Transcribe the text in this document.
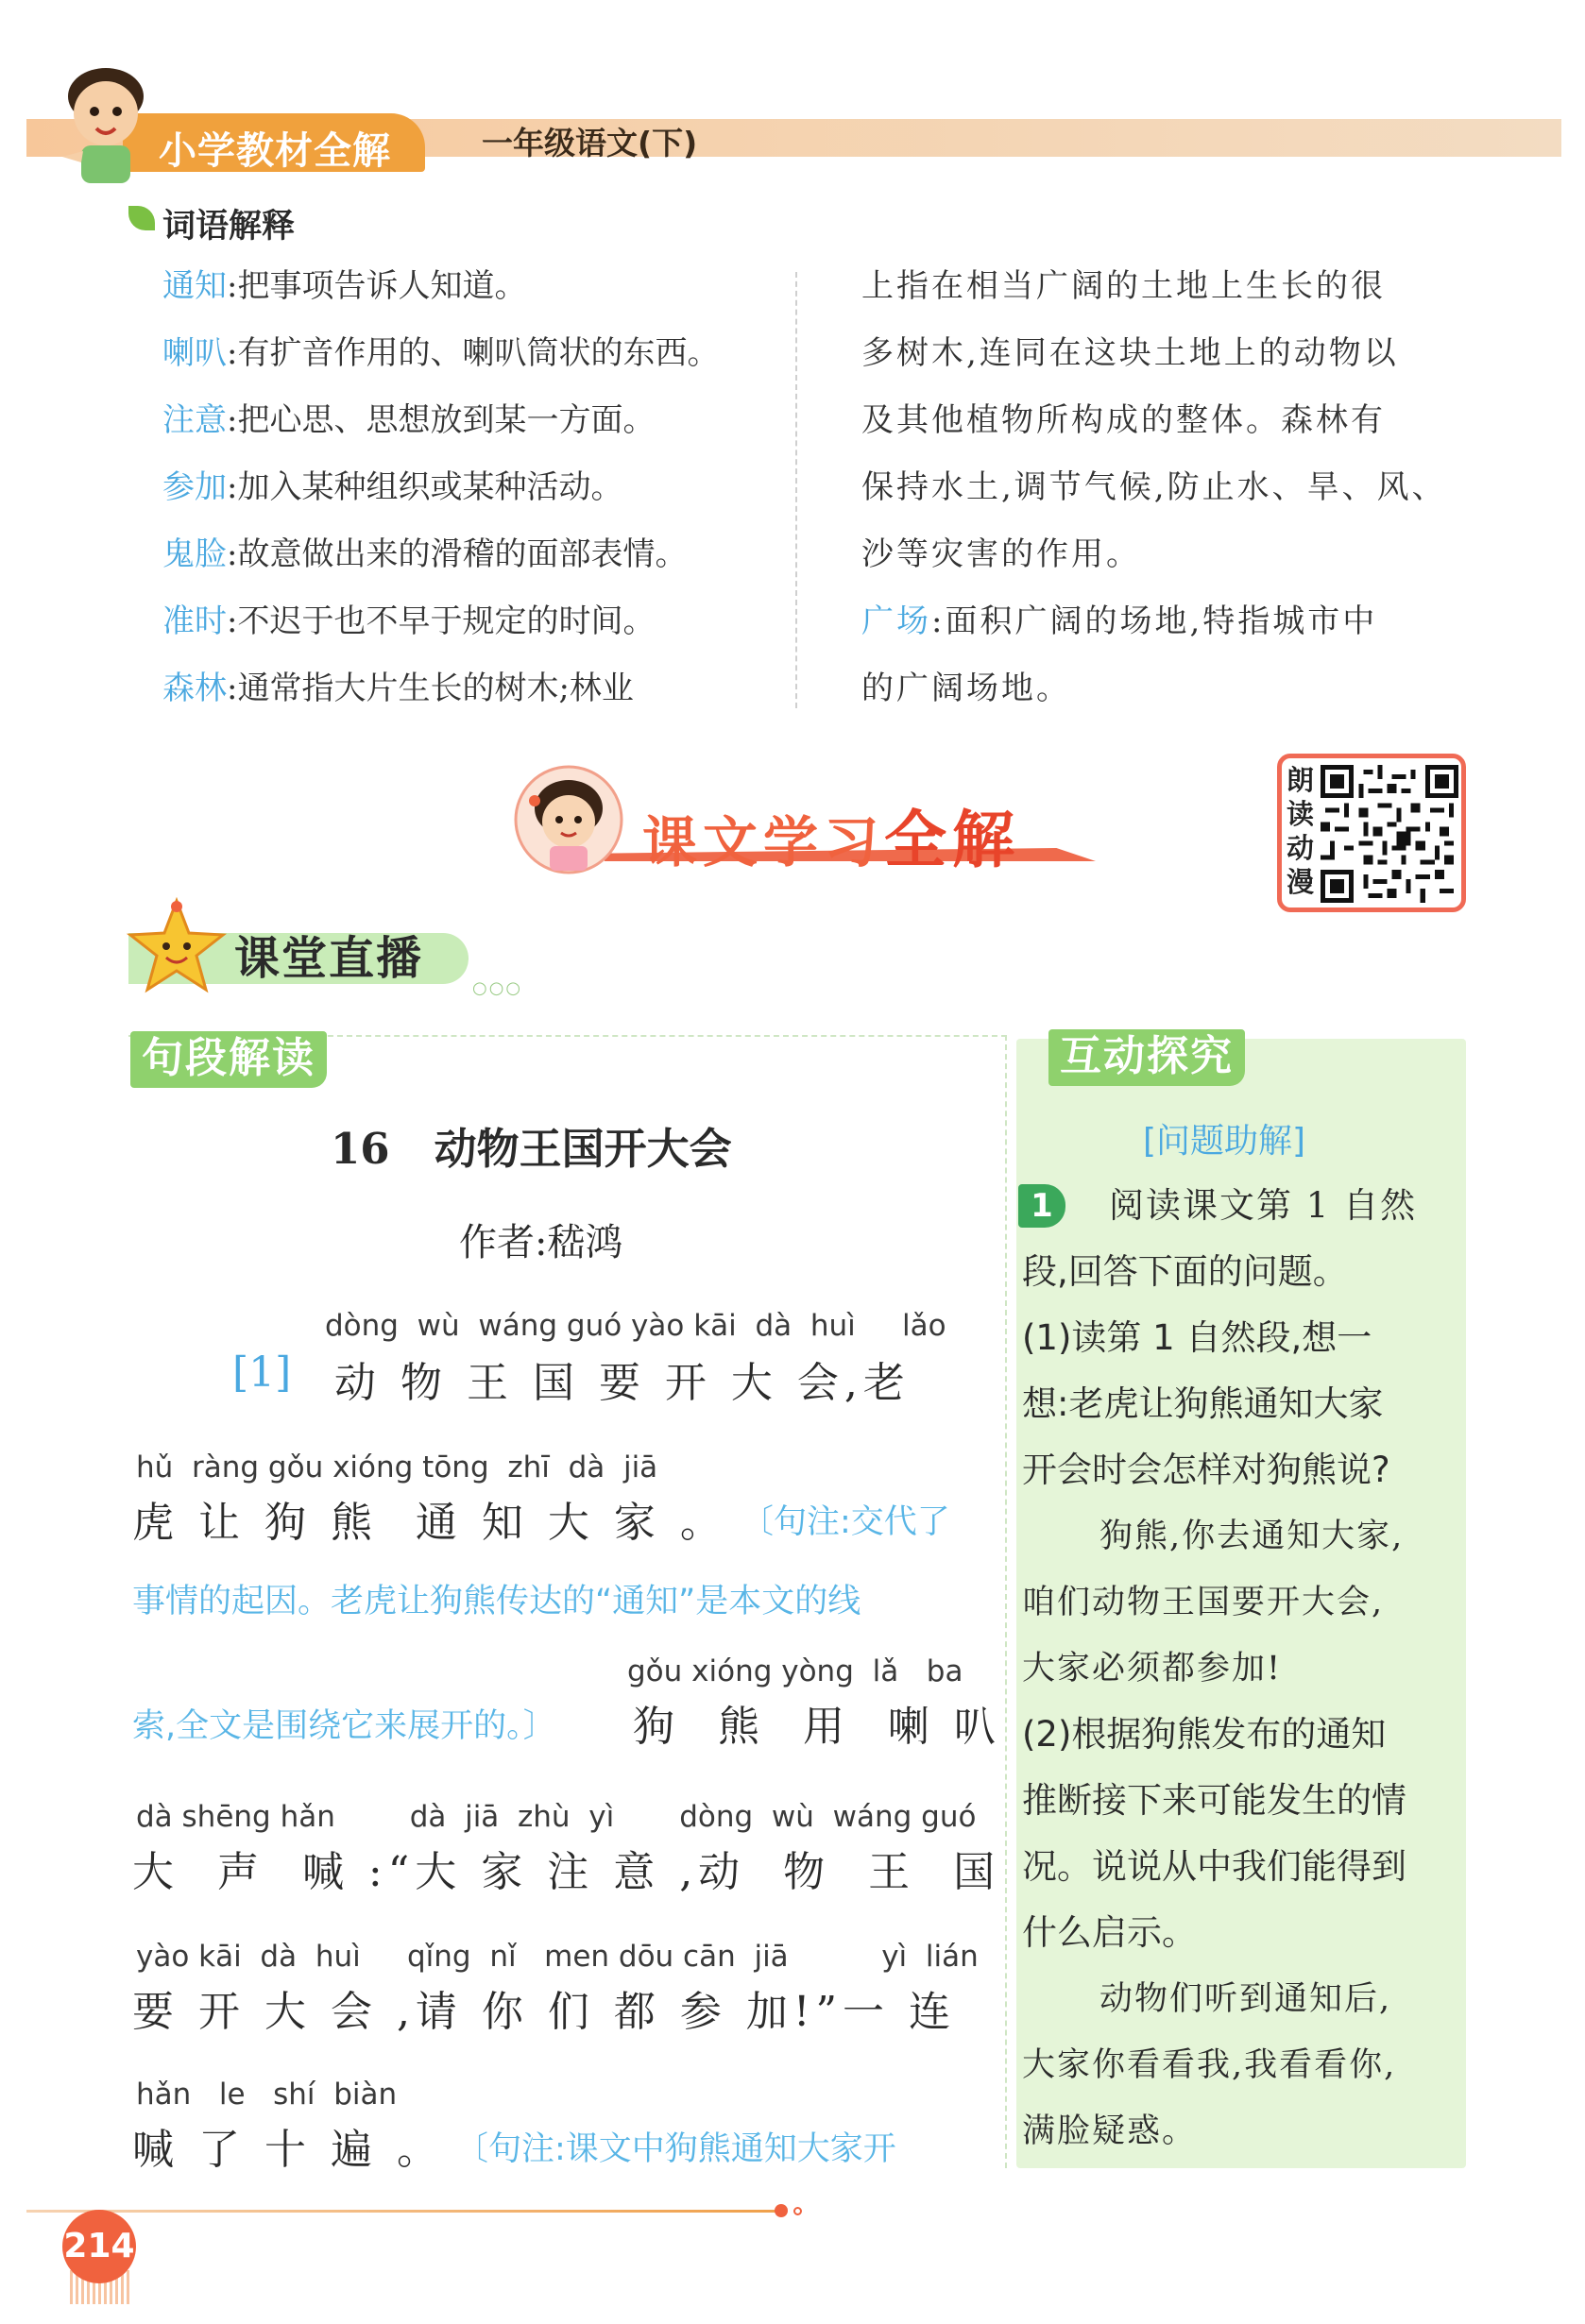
小学教材全解	一年级语文(下)
词语解释
通知:把事项告诉人知道。
喇叭:有扩音作用的、喇叭筒状的东西。
注意:把心思、思想放到某一方面。
参加:加入某种组织或某种活动。
鬼脸:故意做出来的滑稽的面部表情。
准时:不迟于也不早于规定的时间。
森林:通常指大片生长的树木;林业
上指在相当广阔的土地上生长的很
多树木,连同在这块土地上的动物以
及其他植物所构成的整体。森林有
保持水土,调节气候,防止水、旱、风、
沙等灾害的作用。
广场:面积广阔的场地,特指城市中
的广阔场地。
课文学习全解
朗读动漫
课堂直播
○○○
句段解读
16 动物王国开大会
作者:嵇鸿
dòng  wù  wáng guó yào kāi  dà  huì     lǎo
[1] 动 物 王 国 要 开 大 会,老
hǔ  ràng gǒu xióng tōng  zhī  dà  jiā
虎 让 狗 熊  通 知 大 家 。 〔句注:交代了
事情的起因。老虎让狗熊传达的“通知”是本文的线
gǒu xióng yòng  lǎ   ba
索,全文是围绕它来展开的。〕 狗  熊  用  喇 叭
dà shēng hǎn        dà  jiā  zhù  yì       dòng  wù  wáng guó
大  声  喊 :“大 家 注 意 ,动  物  王  国
yào kāi  dà  huì     qǐng  nǐ   men dōu cān  jiā          yì  lián
要 开 大 会 ,请 你 们 都 参 加!”一 连
hǎn   le   shí  biàn
喊 了 十 遍 。 〔句注:课文中狗熊通知大家开
互动探究
[问题助解]
1	阅读课文第 1 自然
段,回答下面的问题。
(1)读第 1 自然段,想一
想:老虎让狗熊通知大家
开会时会怎样对狗熊说?
狗熊,你去通知大家,
咱们动物王国要开大会,
大家必须都参加!
(2)根据狗熊发布的通知
推断接下来可能发生的情
况。说说从中我们能得到
什么启示。
动物们听到通知后,
大家你看看我,我看看你,
满脸疑惑。
214
